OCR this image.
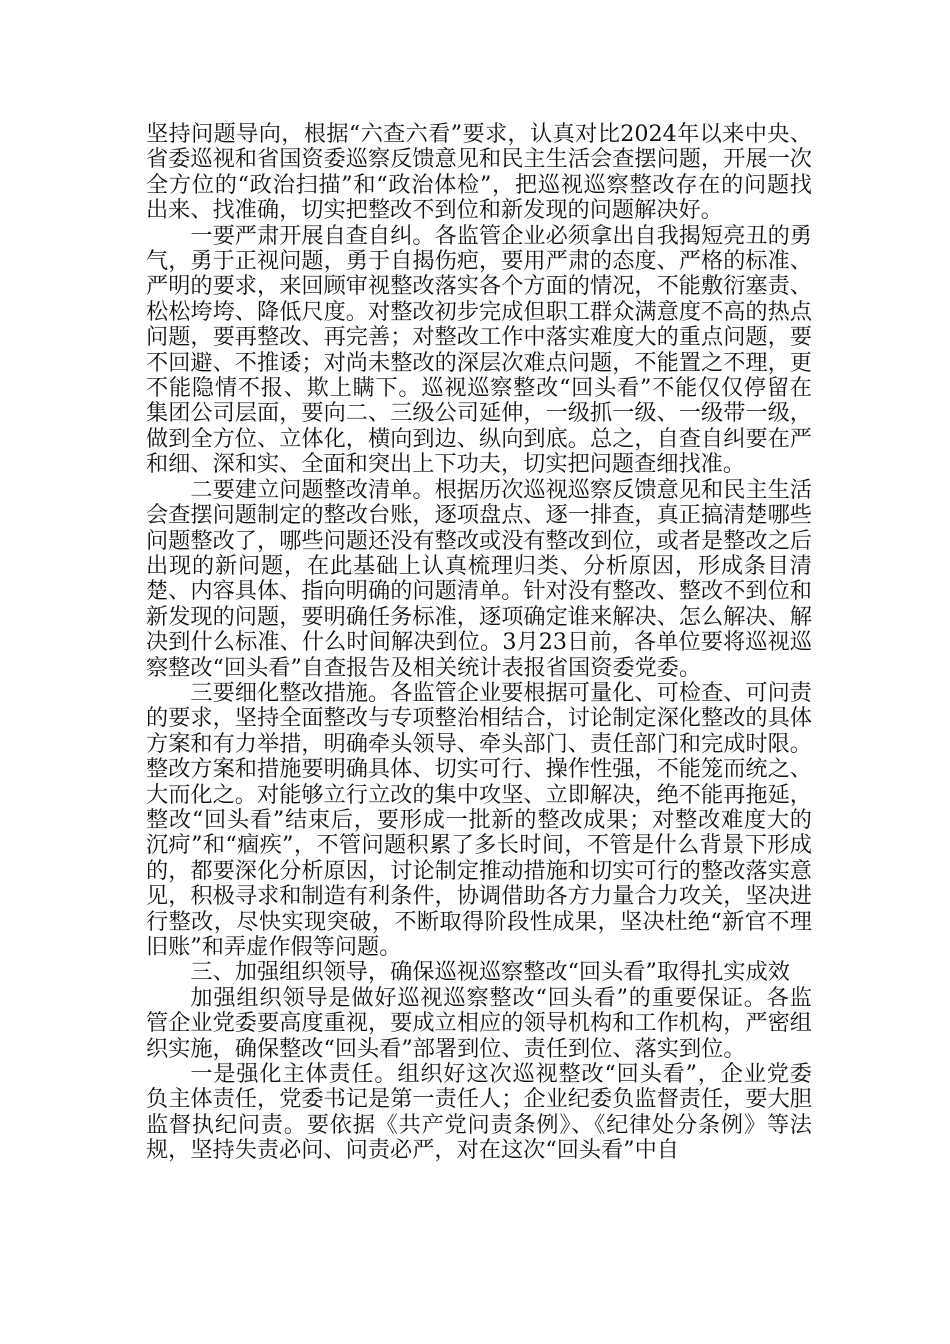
坚持问题导向，根据“六查六看”要求，认真对比2024年以来中央、省委巡视和省国资委巡察反馈意见和民主生活会查摆问题，开展一次全方位的“政治扫描”和“政治体检”，把巡视巡察整改存在的问题找出来、找准确，切实把整改不到位和新发现的问题解决好。

一要严肃开展自查自纠。各监管企业必须拿出自我揭短亮丑的勇气，勇于正视问题，勇于自揭伤疤，要用严肃的态度、严格的标准、严明的要求，来回顾审视整改落实各个方面的情况，不能敷衍塞责、松松垮垮、降低尺度。对整改初步完成但职工群众满意度不高的热点问题，要再整改、再完善；对整改工作中落实难度大的重点问题，要不回避、不推诿；对尚未整改的深层次难点问题，不能置之不理，更不能隐情不报、欺上瞒下。巡视巡察整改“回头看”不能仅仅停留在集团公司层面，要向二、三级公司延伸，一级抓一级、一级带一级，做到全方位、立体化，横向到边、纵向到底。总之，自查自纠要在严和细、深和实、全面和突出上下功夫，切实把问题查细找准。

二要建立问题整改清单。根据历次巡视巡察反馈意见和民主生活会查摆问题制定的整改台账，逐项盘点、逐一排查，真正搞清楚哪些问题整改了，哪些问题还没有整改或没有整改到位，或者是整改之后出现的新问题，在此基础上认真梳理归类、分析原因，形成条目清楚、内容具体、指向明确的问题清单。针对没有整改、整改不到位和新发现的问题，要明确任务标准，逐项确定谁来解决、怎么解决、解决到什么标准、什么时间解决到位。3月23日前，各单位要将巡视巡察整改“回头看”自查报告及相关统计表报省国资委党委。

三要细化整改措施。各监管企业要根据可量化、可检查、可问责的要求，坚持全面整改与专项整治相结合，讨论制定深化整改的具体方案和有力举措，明确牵头领导、牵头部门、责任部门和完成时限。整改方案和措施要明确具体、切实可行、操作性强，不能笼而统之、大而化之。对能够立行立改的集中攻坚、立即解决，绝不能再拖延，整改“回头看”结束后，要形成一批新的整改成果；对整改难度大的沉疴”和“痼疾”，不管问题积累了多长时间，不管是什么背景下形成的，都要深化分析原因，讨论制定推动措施和切实可行的整改落实意见，积极寻求和制造有利条件，协调借助各方力量合力攻关，坚决进行整改，尽快实现突破，不断取得阶段性成果，坚决杜绝“新官不理旧账”和弄虚作假等问题。

三、加强组织领导，确保巡视巡察整改“回头看”取得扎实成效

加强组织领导是做好巡视巡察整改“回头看”的重要保证。各监管企业党委要高度重视，要成立相应的领导机构和工作机构，严密组织实施，确保整改“回头看”部署到位、责任到位、落实到位。

一是强化主体责任。组织好这次巡视整改“回头看”，企业党委负主体责任，党委书记是第一责任人；企业纪委负监督责任，要大胆监督执纪问责。要依据《共产党问责条例》、《纪律处分条例》等法规，坚持失责必问、问责必严，对在这次“回头看”中自
